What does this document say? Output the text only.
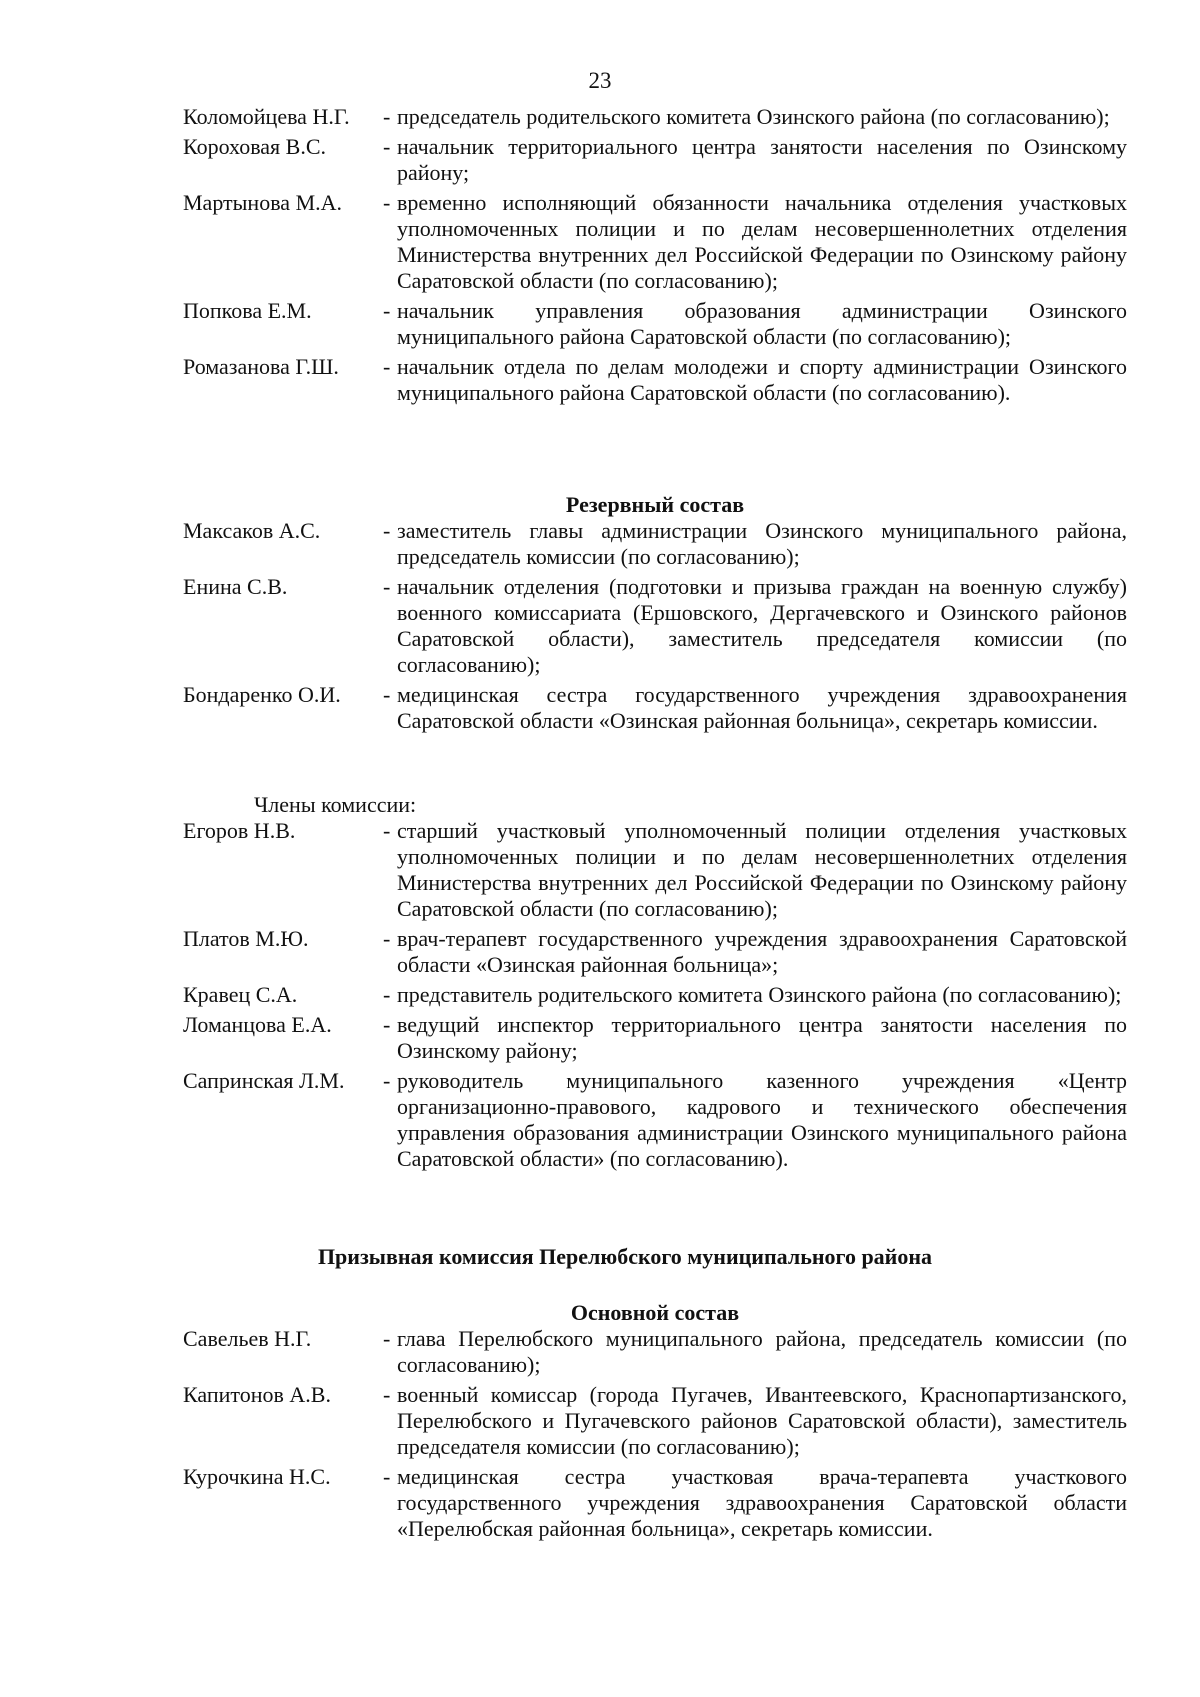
23
Коломойцева Н.Г.	- председатель родительского комитета Озинского района (по согласованию);
Короховая В.С.	- начальник территориального центра занятости населения по Озинскому району;
Мартынова М.А.	- временно исполняющий обязанности начальника отделения участковых уполномоченных полиции и по делам несовершеннолетних отделения Министерства внутренних дел Российской Федерации по Озинскому району Саратовской области (по согласованию);
Попкова Е.М.	- начальник управления образования администрации Озинского муниципального района Саратовской области (по согласованию);
Ромазанова Г.Ш.	- начальник отдела по делам молодежи и спорту администрации Озинского муниципального района Саратовской области (по согласованию).
Резервный состав
Максаков А.С.	- заместитель главы администрации Озинского муниципального района, председатель комиссии (по согласованию);
Енина С.В.	- начальник отделения (подготовки и призыва граждан на военную службу) военного комиссариата (Ершовского, Дергачевского и Озинского районов Саратовской области), заместитель председателя комиссии (по согласованию);
Бондаренко О.И.	- медицинская сестра государственного учреждения здравоохранения Саратовской области «Озинская районная больница», секретарь комиссии.
Члены комиссии:
Егоров Н.В.	- старший участковый уполномоченный полиции отделения участковых уполномоченных полиции и по делам несовершеннолетних отделения Министерства внутренних дел Российской Федерации по Озинскому району Саратовской области (по согласованию);
Платов М.Ю.	- врач-терапевт государственного учреждения здравоохранения Саратовской области «Озинская районная больница»;
Кравец С.А.	- представитель родительского комитета Озинского района (по согласованию);
Ломанцова Е.А.	- ведущий инспектор территориального центра занятости населения по Озинскому району;
Сапринская Л.М.	- руководитель муниципального казенного учреждения «Центр организационно-правового, кадрового и технического обеспечения управления образования администрации Озинского муниципального района Саратовской области» (по согласованию).
Призывная комиссия Перелюбского муниципального района
Основной состав
Савельев Н.Г.	- глава Перелюбского муниципального района, председатель комиссии (по согласованию);
Капитонов А.В.	- военный комиссар (города Пугачев, Ивантеевского, Краснопартизанского, Перелюбского и Пугачевского районов Саратовской области), заместитель председателя комиссии (по согласованию);
Курочкина Н.С.	- медицинская сестра участковая врача-терапевта участкового государственного учреждения здравоохранения Саратовской области «Перелюбская районная больница», секретарь комиссии.
